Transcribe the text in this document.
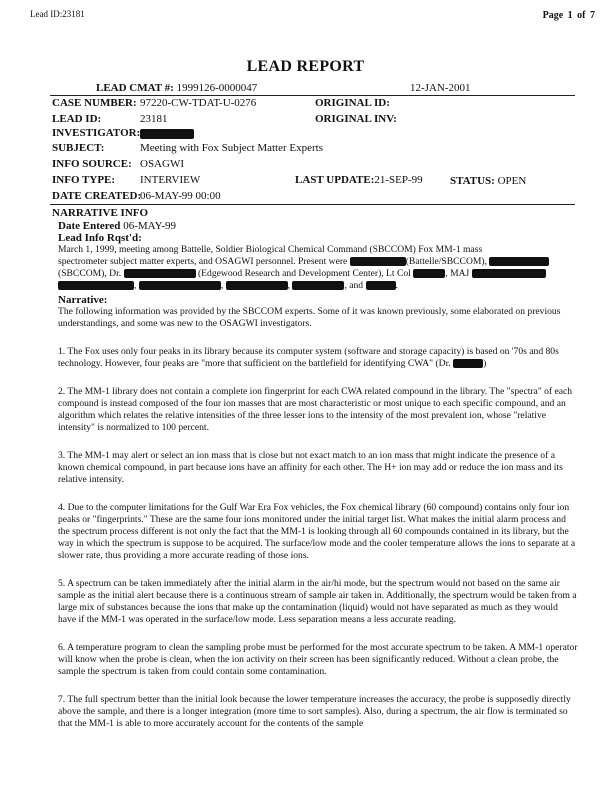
Lead ID:23181	Page 1 of 7
LEAD REPORT
LEAD CMAT #: 1999126-0000047	12-JAN-2001
CASE NUMBER: 97220-CW-TDAT-U-0276	ORIGINAL ID:
LEAD ID:	23181	ORIGINAL INV:
INVESTIGATOR:
SUBJECT:	Meeting with Fox Subject Matter Experts
INFO SOURCE: OSAGWI
INFO TYPE: INTERVIEW	LAST UPDATE:21-SEP-99 STATUS: OPEN
DATE CREATED:
06-MAY-99 00:00
NARRATIVE INFO
Date Entered 06-MAY-99
Lead Info Rqst'd:

March 1, 1999, meeting among Battelle, Soldier Biological Chemical Command (SBCCOM) Fox MM-1 mass

spectrometer subject matter experts, and OSAGWI personnel. Present were	(Battelle/SBCCOM),

(SBCCOM), Dr.	(Edgewood Research and Development Center), Lt Col	, MAJ

,	,	,	, and	.

Narrative:

The following information was provided by the SBCCOM experts. Some of it was known previously, some elaborated on previous understandings, and some was new to the OSAGWI investigators.

1. The Fox uses only four peaks in its library because its computer system (software and storage capacity) is based on '70s and 80s technology. However, four peaks are "more that sufficient on the battlefield for identifying CWA" (Dr.	)

2. The MM-1 library does not contain a complete ion fingerprint for each CWA related compound in the library. The "spectra" of each compound is instead composed of the four ion masses that are most characteristic or most unique to each specific compound, and an algorithm which relates the relative intensities of the three lesser ions to the intensity of the most prevalent ion, whose "relative intensity" is normalized to 100 percent.

3. The MM-1 may alert or select an ion mass that is close but not exact match to an ion mass that might indicate the presence of a known chemical compound, in part because ions have an affinity for each other. The H+ ion may add or reduce the ion mass and its relative intensity.

4. Due to the computer limitations for the Gulf War Era Fox vehicles, the Fox chemical library (60 compound) contains only four ion peaks or "fingerprints." These are the same four ions monitored under the initial target list. What makes the initial alarm process and the spectrum process different is not only the fact that the MM-1 is looking through all 60 compounds contained in its library, but the way in which the spectrum is suppose to be acquired. The surface/low mode and the cooler temperature allows the ions to separate at a slower rate, thus providing a more accurate reading of those ions.

5. A spectrum can be taken immediately after the initial alarm in the air/hi mode, but the spectrum would not based on the same air sample as the initial alert because there is a continuous stream of sample air taken in. Additionally, the spectrum would be taken from a large mix of substances because the ions that make up the contamination (liquid) would not have separated as much as they would have if the MM-1 was operated in the surface/low mode. Less separation means a less accurate reading.

6. A temperature program to clean the sampling probe must be performed for the most accurate spectrum to be taken. A MM-1 operator will know when the probe is clean, when the ion activity on their screen has been significantly reduced. Without a clean probe, the sample the spectrum is taken from could contain some contamination.

7. The full spectrum better than the initial look because the lower temperature increases the accuracy, the probe is supposedly directly above the sample, and there is a longer integration (more time to sort samples). Also, during a spectrum, the air flow is terminated so that the MM-1 is able to more accurately account for the contents of the sample
